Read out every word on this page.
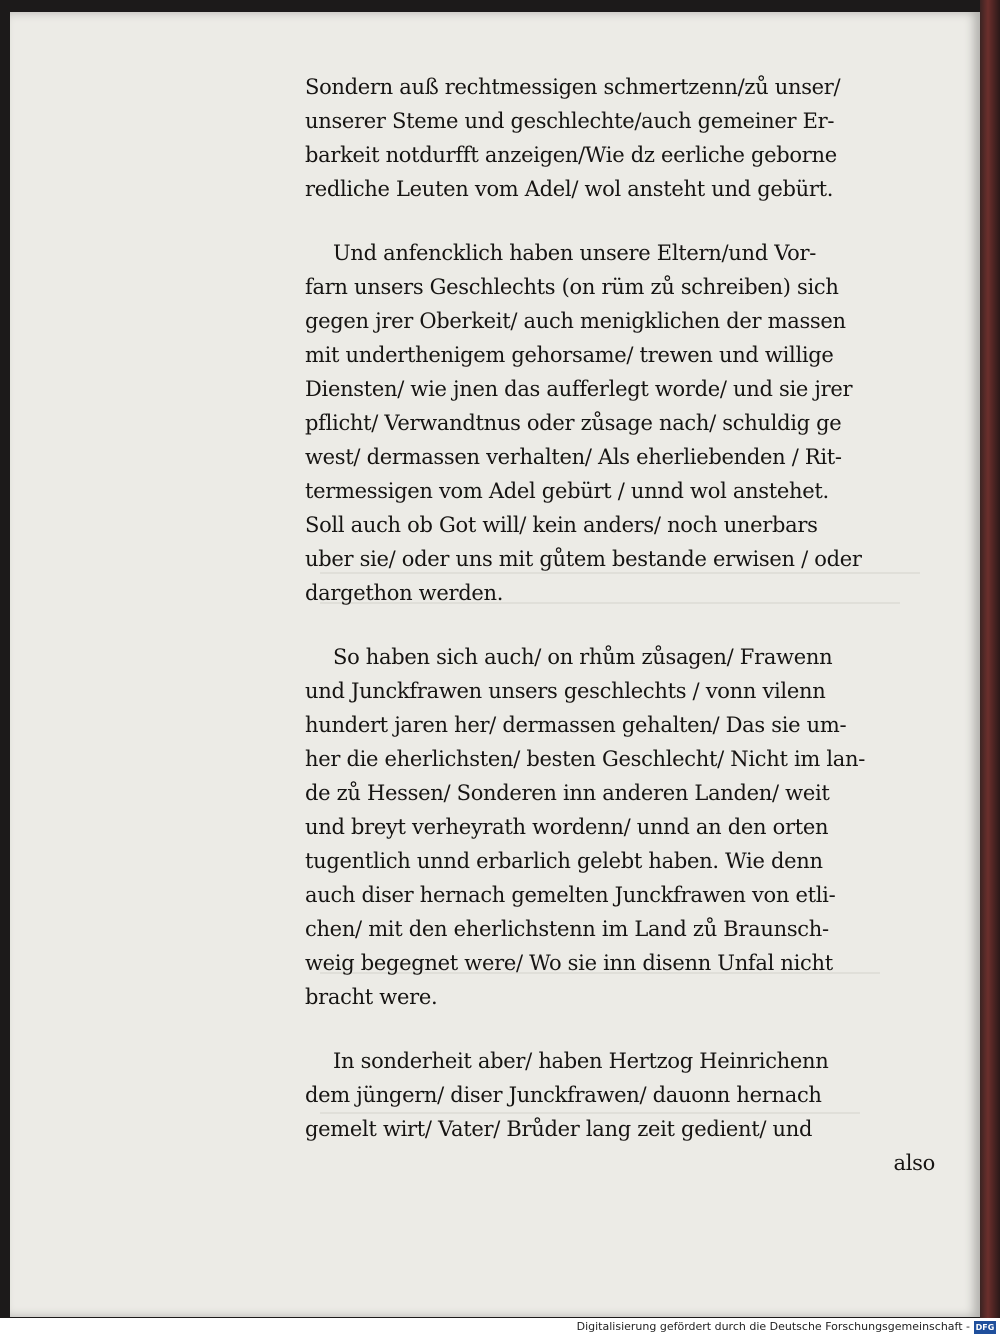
Sondern auß rechtmessigen schmertzenn/zů unser/
unserer Steme und geschlechte/auch gemeiner Er‑
barkeit notdurfft anzeigen/Wie dz eerliche geborne
redliche Leuten vom Adel/ wol ansteht und gebürt.
Und anfencklich haben unsere Eltern/und Vor‑
farn unsers Geschlechts (on rüm zů schreiben) sich
gegen jrer Oberkeit/ auch menigklichen der massen
mit underthenigem gehorsame/ trewen und willige
Diensten/ wie jnen das aufferlegt worde/ und sie jrer
pflicht/ Verwandtnus oder zůsage nach/ schuldig ge
west/ dermassen verhalten/ Als eherliebenden / Rit‑
termessigen vom Adel gebürt / unnd wol anstehet.
Soll auch ob Got will/ kein anders/ noch unerbars
uber sie/ oder uns mit gůtem bestande erwisen / oder
dargethon werden.
So haben sich auch/ on rhům zůsagen/ Frawenn
und Junckfrawen unsers geschlechts / vonn vilenn
hundert jaren her/ dermassen gehalten/ Das sie um‑
her die eherlichsten/ besten Geschlecht/ Nicht im lan‑
de zů Hessen/ Sonderen inn anderen Landen/ weit
und breyt verheyrath wordenn/ unnd an den orten
tugentlich unnd erbarlich gelebt haben. Wie denn
auch diser hernach gemelten Junckfrawen von etli‑
chen/ mit den eherlichstenn im Land zů Braunsch‑
weig begegnet were/ Wo sie inn disenn Unfal nicht
bracht were.
In sonderheit aber/ haben Hertzog Heinrichenn
dem jüngern/ diser Junckfrawen/ dauonn hernach
gemelt wirt/ Vater/ Brůder lang zeit gedient/ und
also
Digitalisierung gefördert durch die Deutsche Forschungsgemeinschaft - DFG
